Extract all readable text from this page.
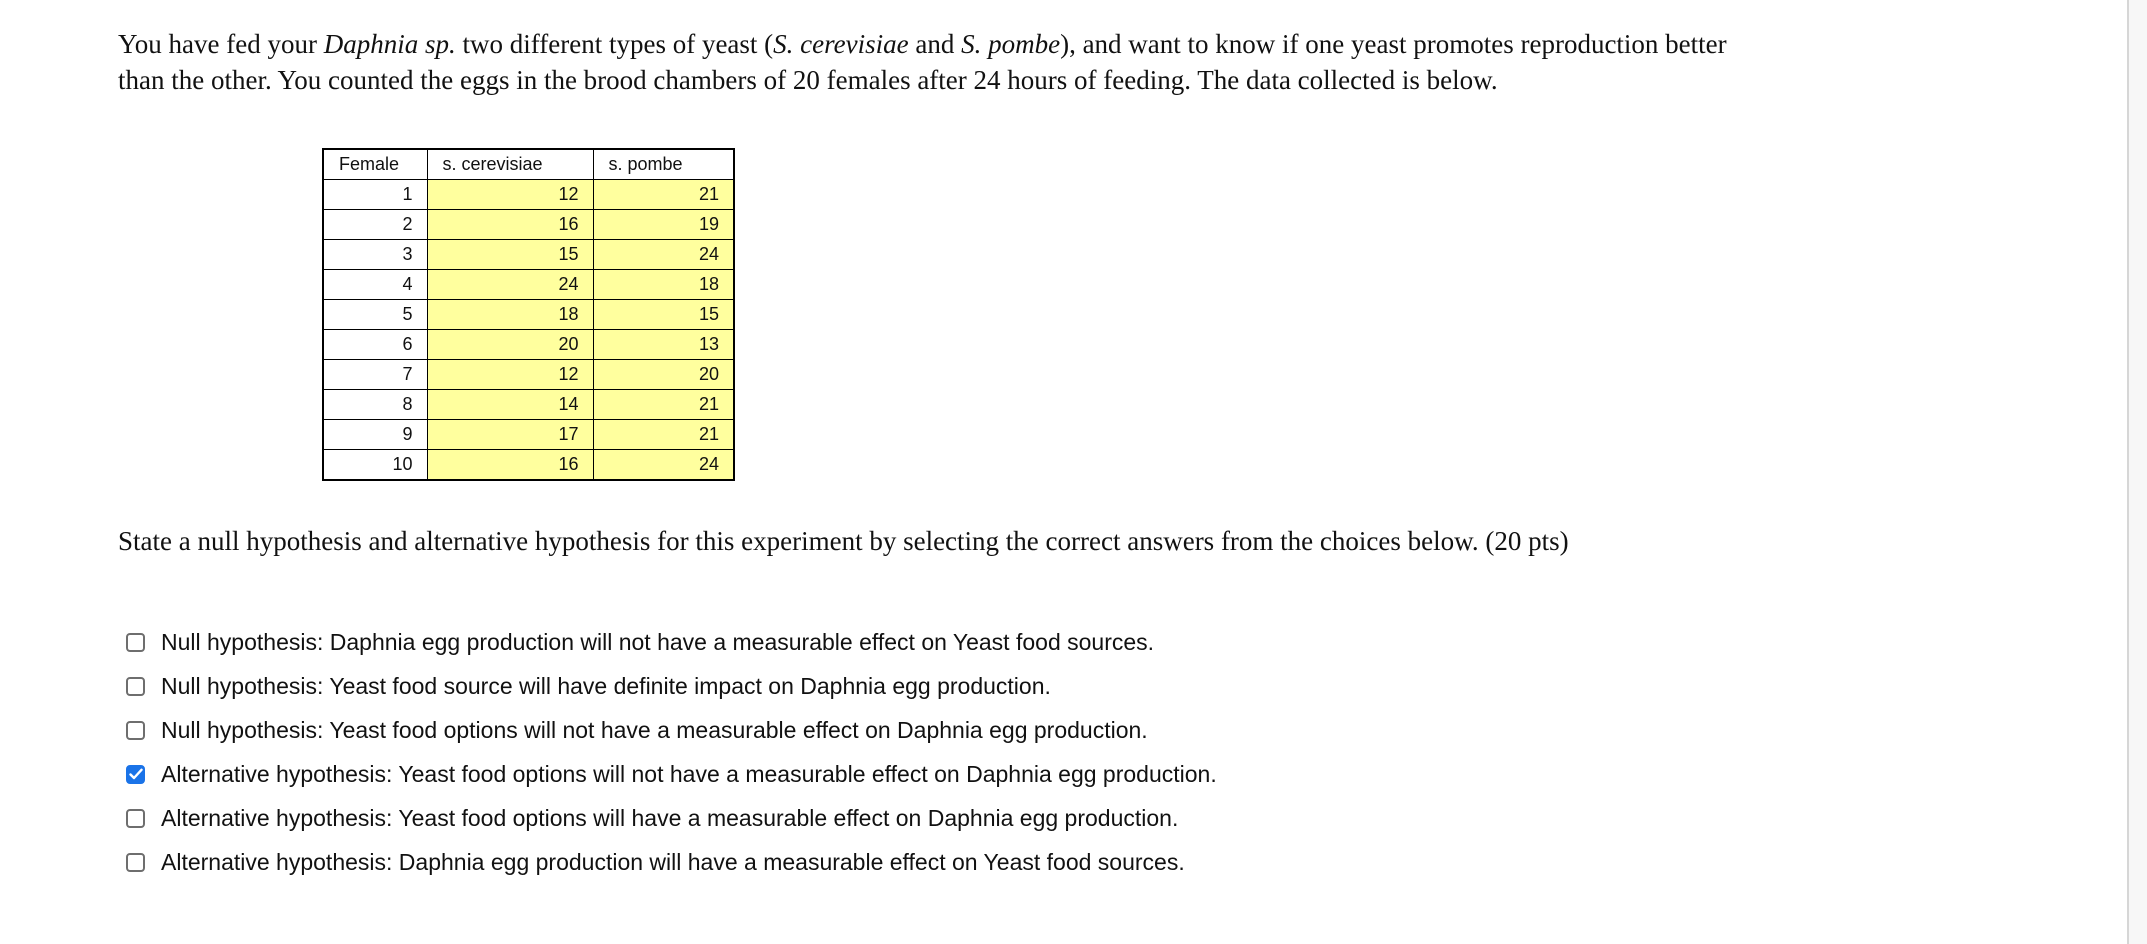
You have fed your Daphnia sp. two different types of yeast (S. cerevisiae and S. pombe), and want to know if one yeast promotes reproduction better than the other. You counted the eggs in the brood chambers of 20 females after 24 hours of feeding. The data collected is below.
Female	s. cerevisiae	s. pombe
1	12	21
2	16	19
3	15	24
4	24	18
5	18	15
6	20	13
7	12	20
8	14	21
9	17	21
10	16	24
State a null hypothesis and alternative hypothesis for this experiment by selecting the correct answers from the choices below. (20 pts)
Null hypothesis: Daphnia egg production will not have a measurable effect on Yeast food sources.
Null hypothesis: Yeast food source will have definite impact on Daphnia egg production.
Null hypothesis: Yeast food options will not have a measurable effect on Daphnia egg production.
Alternative hypothesis: Yeast food options will not have a measurable effect on Daphnia egg production.
Alternative hypothesis: Yeast food options will have a measurable effect on Daphnia egg production.
Alternative hypothesis: Daphnia egg production will have a measurable effect on Yeast food sources.
